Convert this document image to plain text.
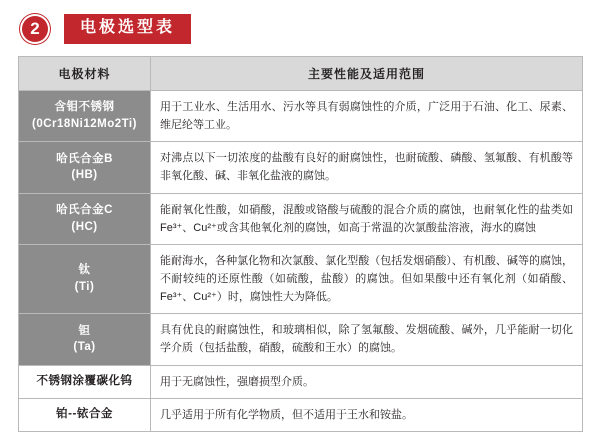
2	电极选型表
电极材料	主要性能及适用范围
含钼不锈钢
(0Cr18Ni12Mo2Ti)	用于工业水、生活用水、污水等具有弱腐蚀性的介质，广泛用于石油、化工、尿素、维尼纶等工业。
哈氏合金B
(HB)	对沸点以下一切浓度的盐酸有良好的耐腐蚀性，也耐硫酸、磷酸、氢氟酸、有机酸等非氧化酸、碱、非氧化盐液的腐蚀。
哈氏合金C
(HC)	能耐氧化性酸，如硝酸，混酸或铬酸与硫酸的混合介质的腐蚀，也耐氧化性的盐类如Fe³⁺、Cu²⁺或含其他氧化剂的腐蚀，如高于常温的次氯酸盐溶液，海水的腐蚀
钛
(Ti)	能耐海水，各种氯化物和次氯酸、氯化型酸（包括发烟硝酸）、有机酸、碱等的腐蚀，不耐较纯的还原性酸（如硫酸，盐酸）的腐蚀。但如果酸中还有氧化剂（如硝酸、Fe³⁺、Cu²⁺）时，腐蚀性大为降低。
钽
(Ta)	具有优良的耐腐蚀性，和玻璃相似，除了氢氟酸、发烟硫酸、碱外，几乎能耐一切化学介质（包括盐酸，硝酸，硫酸和王水）的腐蚀。
不锈钢涂覆碳化钨	用于无腐蚀性，强磨损型介质。
铂--铱合金	几乎适用于所有化学物质，但不适用于王水和铵盐。
